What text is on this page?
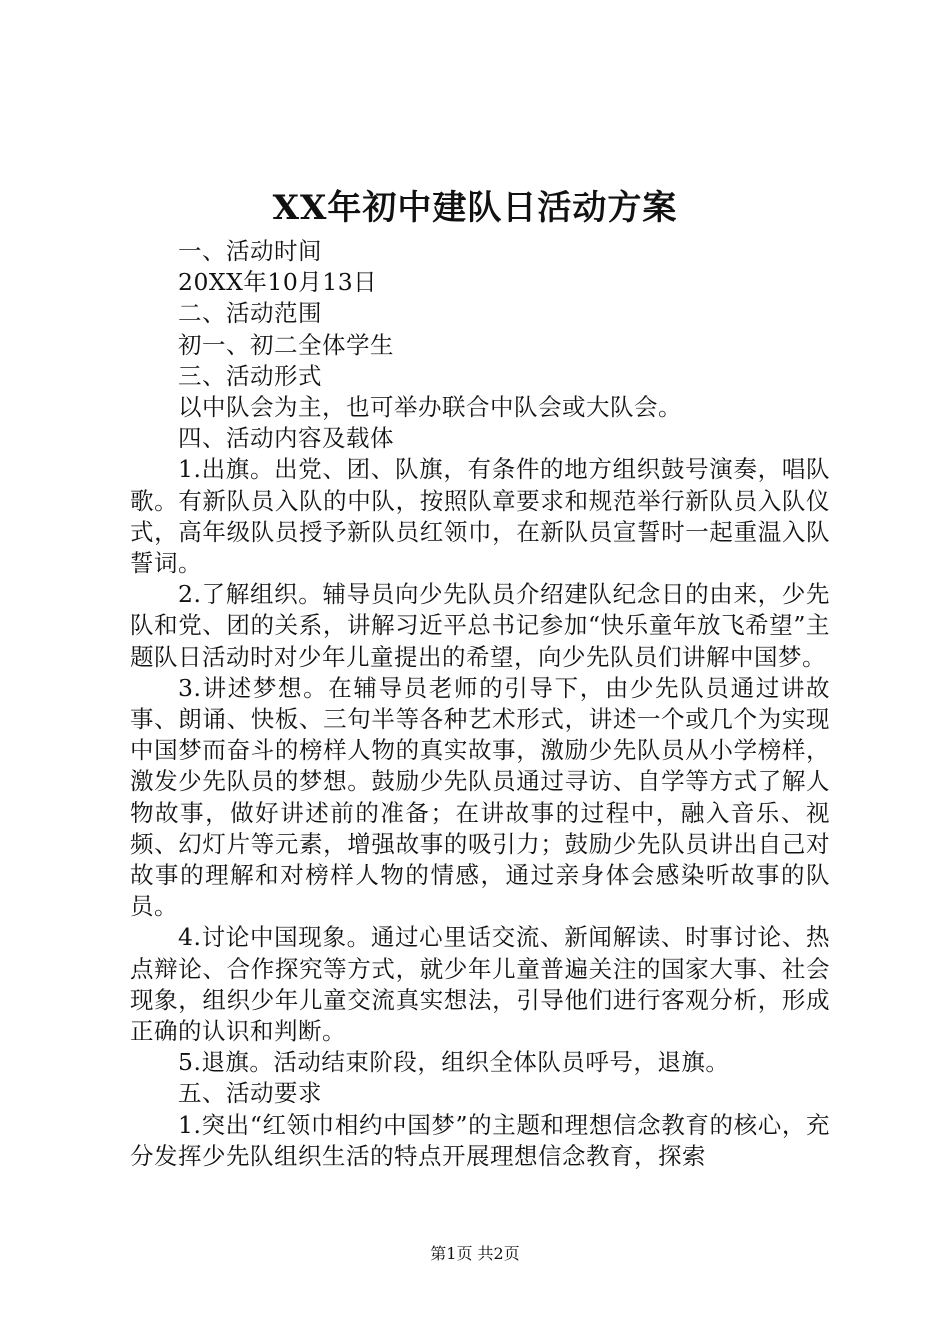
XX年初中建队日活动方案

一、活动时间

20XX年10月13日

二、活动范围

初一、初二全体学生

三、活动形式

以中队会为主，也可举办联合中队会或大队会。

四、活动内容及载体

1.出旗。出党、团、队旗，有条件的地方组织鼓号演奏，唱队歌。有新队员入队的中队，按照队章要求和规范举行新队员入队仪式，高年级队员授予新队员红领巾，在新队员宣誓时一起重温入队誓词。

2.了解组织。辅导员向少先队员介绍建队纪念日的由来，少先队和党、团的关系，讲解习近平总书记参加“快乐童年放飞希望”主题队日活动时对少年儿童提出的希望，向少先队员们讲解中国梦。

3.讲述梦想。在辅导员老师的引导下，由少先队员通过讲故事、朗诵、快板、三句半等各种艺术形式，讲述一个或几个为实现中国梦而奋斗的榜样人物的真实故事，激励少先队员从小学榜样，激发少先队员的梦想。鼓励少先队员通过寻访、自学等方式了解人物故事，做好讲述前的准备；在讲故事的过程中，融入音乐、视频、幻灯片等元素，增强故事的吸引力；鼓励少先队员讲出自己对故事的理解和对榜样人物的情感，通过亲身体会感染听故事的队员。

4.讨论中国现象。通过心里话交流、新闻解读、时事讨论、热点辩论、合作探究等方式，就少年儿童普遍关注的国家大事、社会现象，组织少年儿童交流真实想法，引导他们进行客观分析，形成正确的认识和判断。

5.退旗。活动结束阶段，组织全体队员呼号，退旗。

五、活动要求

1.突出“红领巾相约中国梦”的主题和理想信念教育的核心，充分发挥少先队组织生活的特点开展理想信念教育，探索

第1页 共2页
